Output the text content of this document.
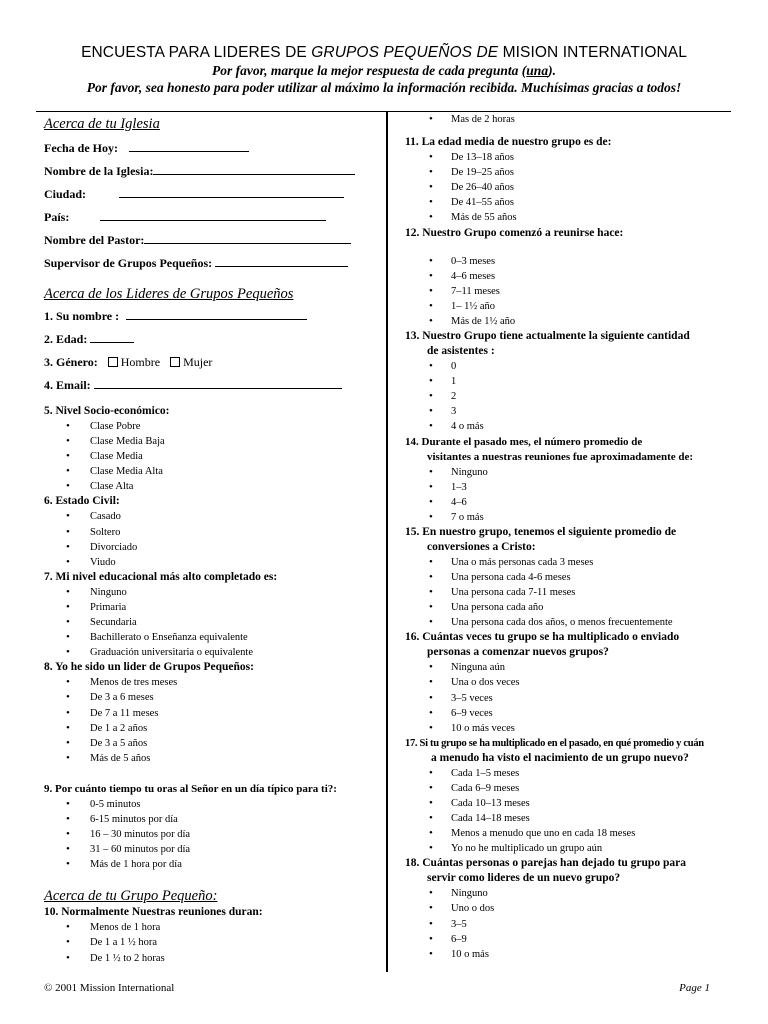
ENCUESTA PARA LIDERES DE GRUPOS PEQUEÑOS DE MISION INTERNATIONAL
Por favor, marque la mejor respuesta de cada pregunta (una).
Por favor, sea honesto para poder utilizar al máximo la información recibida. Muchísimas gracias a todos!

Acerca de tu Iglesia

Fecha de Hoy:
Nombre de la Iglesia:
Ciudad:
País:
Nombre del Pastor:
Supervisor de Grupos Pequeños:

Acerca de los Lideres de Grupos Pequeños

1. Su nombre :
2. Edad:
3. Género: Hombre Mujer
4. Email:
5. Nivel Socio-económico:
• Clase Pobre
• Clase Media Baja
• Clase Media
• Clase Media Alta
• Clase Alta
6. Estado Civil:
• Casado
• Soltero
• Divorciado
• Viudo
7. Mi nivel educacional más alto completado es:
• Ninguno
• Primaria
• Secundaria
• Bachillerato o Enseñanza equivalente
• Graduación universitaria o equivalente
8. Yo he sido un lider de Grupos Pequeños:
• Menos de tres meses
• De 3 a 6 meses
• De 7 a 11 meses
• De 1 a 2 años
• De 3 a 5 años
• Más de 5 años
9. Por cuánto tiempo tu oras al Señor en un día típico para ti?:
• 0-5 minutos
• 6-15 minutos por día
• 16 – 30 minutos por día
• 31 – 60 minutos por día
• Más de 1 hora por día

Acerca de tu Grupo Pequeño:

10. Normalmente Nuestras reuniones duran:
• Menos de 1 hora
• De 1 a 1 ½ hora
• De 1 ½ to 2 horas
• Mas de 2 horas
11. La edad media de nuestro grupo es de:
• De 13–18 años
• De 19–25 años
• De 26–40 años
• De 41–55 años
• Más de 55 años
12. Nuestro Grupo comenzó a reunirse hace:
• 0–3 meses
• 4–6 meses
• 7–11 meses
• 1– 1½ año
• Más de 1½ año
13. Nuestro Grupo tiene actualmente la siguiente cantidad
de asistentes :
• 0
• 1
• 2
• 3
• 4 o más
14. Durante el pasado mes, el número promedio de
visitantes a nuestras reuniones fue aproximadamente de:
• Ninguno
• 1–3
• 4–6
• 7 o más
15. En nuestro grupo, tenemos el siguiente promedio de
conversiones a Cristo:
• Una o más personas cada 3 meses
• Una persona cada 4-6 meses
• Una persona cada 7-11 meses
• Una persona cada año
• Una persona cada dos años, o menos frecuentemente
16. Cuántas veces tu grupo se ha multiplicado o enviado
personas a comenzar nuevos grupos?
• Ninguna aún
• Una o dos veces
• 3–5 veces
• 6–9 veces
• 10 o más veces
17. Si tu grupo se ha multiplicado en el pasado, en qué promedio y cuán
a menudo ha visto el nacimiento de un grupo nuevo?
• Cada 1–5 meses
• Cada 6–9 meses
• Cada 10–13 meses
• Cada 14–18 meses
• Menos a menudo que uno en cada 18 meses
• Yo no he multiplicado un grupo aún
18. Cuántas personas o parejas han dejado tu grupo para
servir como lideres de un nuevo grupo?
• Ninguno
• Uno o dos
• 3–5
• 6–9
• 10 o más
© 2001 Mission International	Page 1
